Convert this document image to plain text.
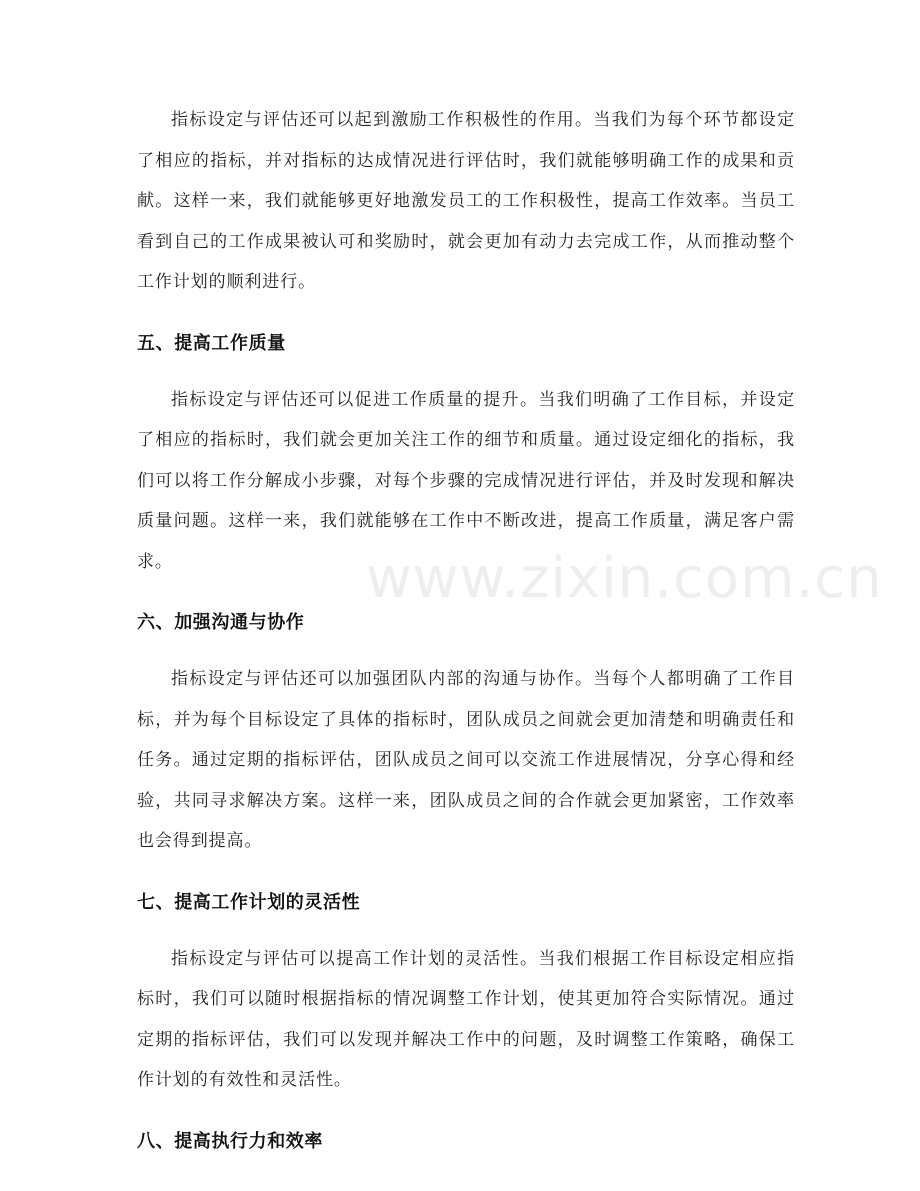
指标设定与评估还可以起到激励工作积极性的作用。当我们为每个环节都设定了相应的指标，并对指标的达成情况进行评估时，我们就能够明确工作的成果和贡献。这样一来，我们就能够更好地激发员工的工作积极性，提高工作效率。当员工看到自己的工作成果被认可和奖励时，就会更加有动力去完成工作，从而推动整个工作计划的顺利进行。

五、提高工作质量

指标设定与评估还可以促进工作质量的提升。当我们明确了工作目标，并设定了相应的指标时，我们就会更加关注工作的细节和质量。通过设定细化的指标，我们可以将工作分解成小步骤，对每个步骤的完成情况进行评估，并及时发现和解决质量问题。这样一来，我们就能够在工作中不断改进，提高工作质量，满足客户需求。

六、加强沟通与协作

指标设定与评估还可以加强团队内部的沟通与协作。当每个人都明确了工作目标，并为每个目标设定了具体的指标时，团队成员之间就会更加清楚和明确责任和任务。通过定期的指标评估，团队成员之间可以交流工作进展情况，分享心得和经验，共同寻求解决方案。这样一来，团队成员之间的合作就会更加紧密，工作效率也会得到提高。

七、提高工作计划的灵活性

指标设定与评估可以提高工作计划的灵活性。当我们根据工作目标设定相应指标时，我们可以随时根据指标的情况调整工作计划，使其更加符合实际情况。通过定期的指标评估，我们可以发现并解决工作中的问题，及时调整工作策略，确保工作计划的有效性和灵活性。

八、提高执行力和效率
www.zixin.com.cn
